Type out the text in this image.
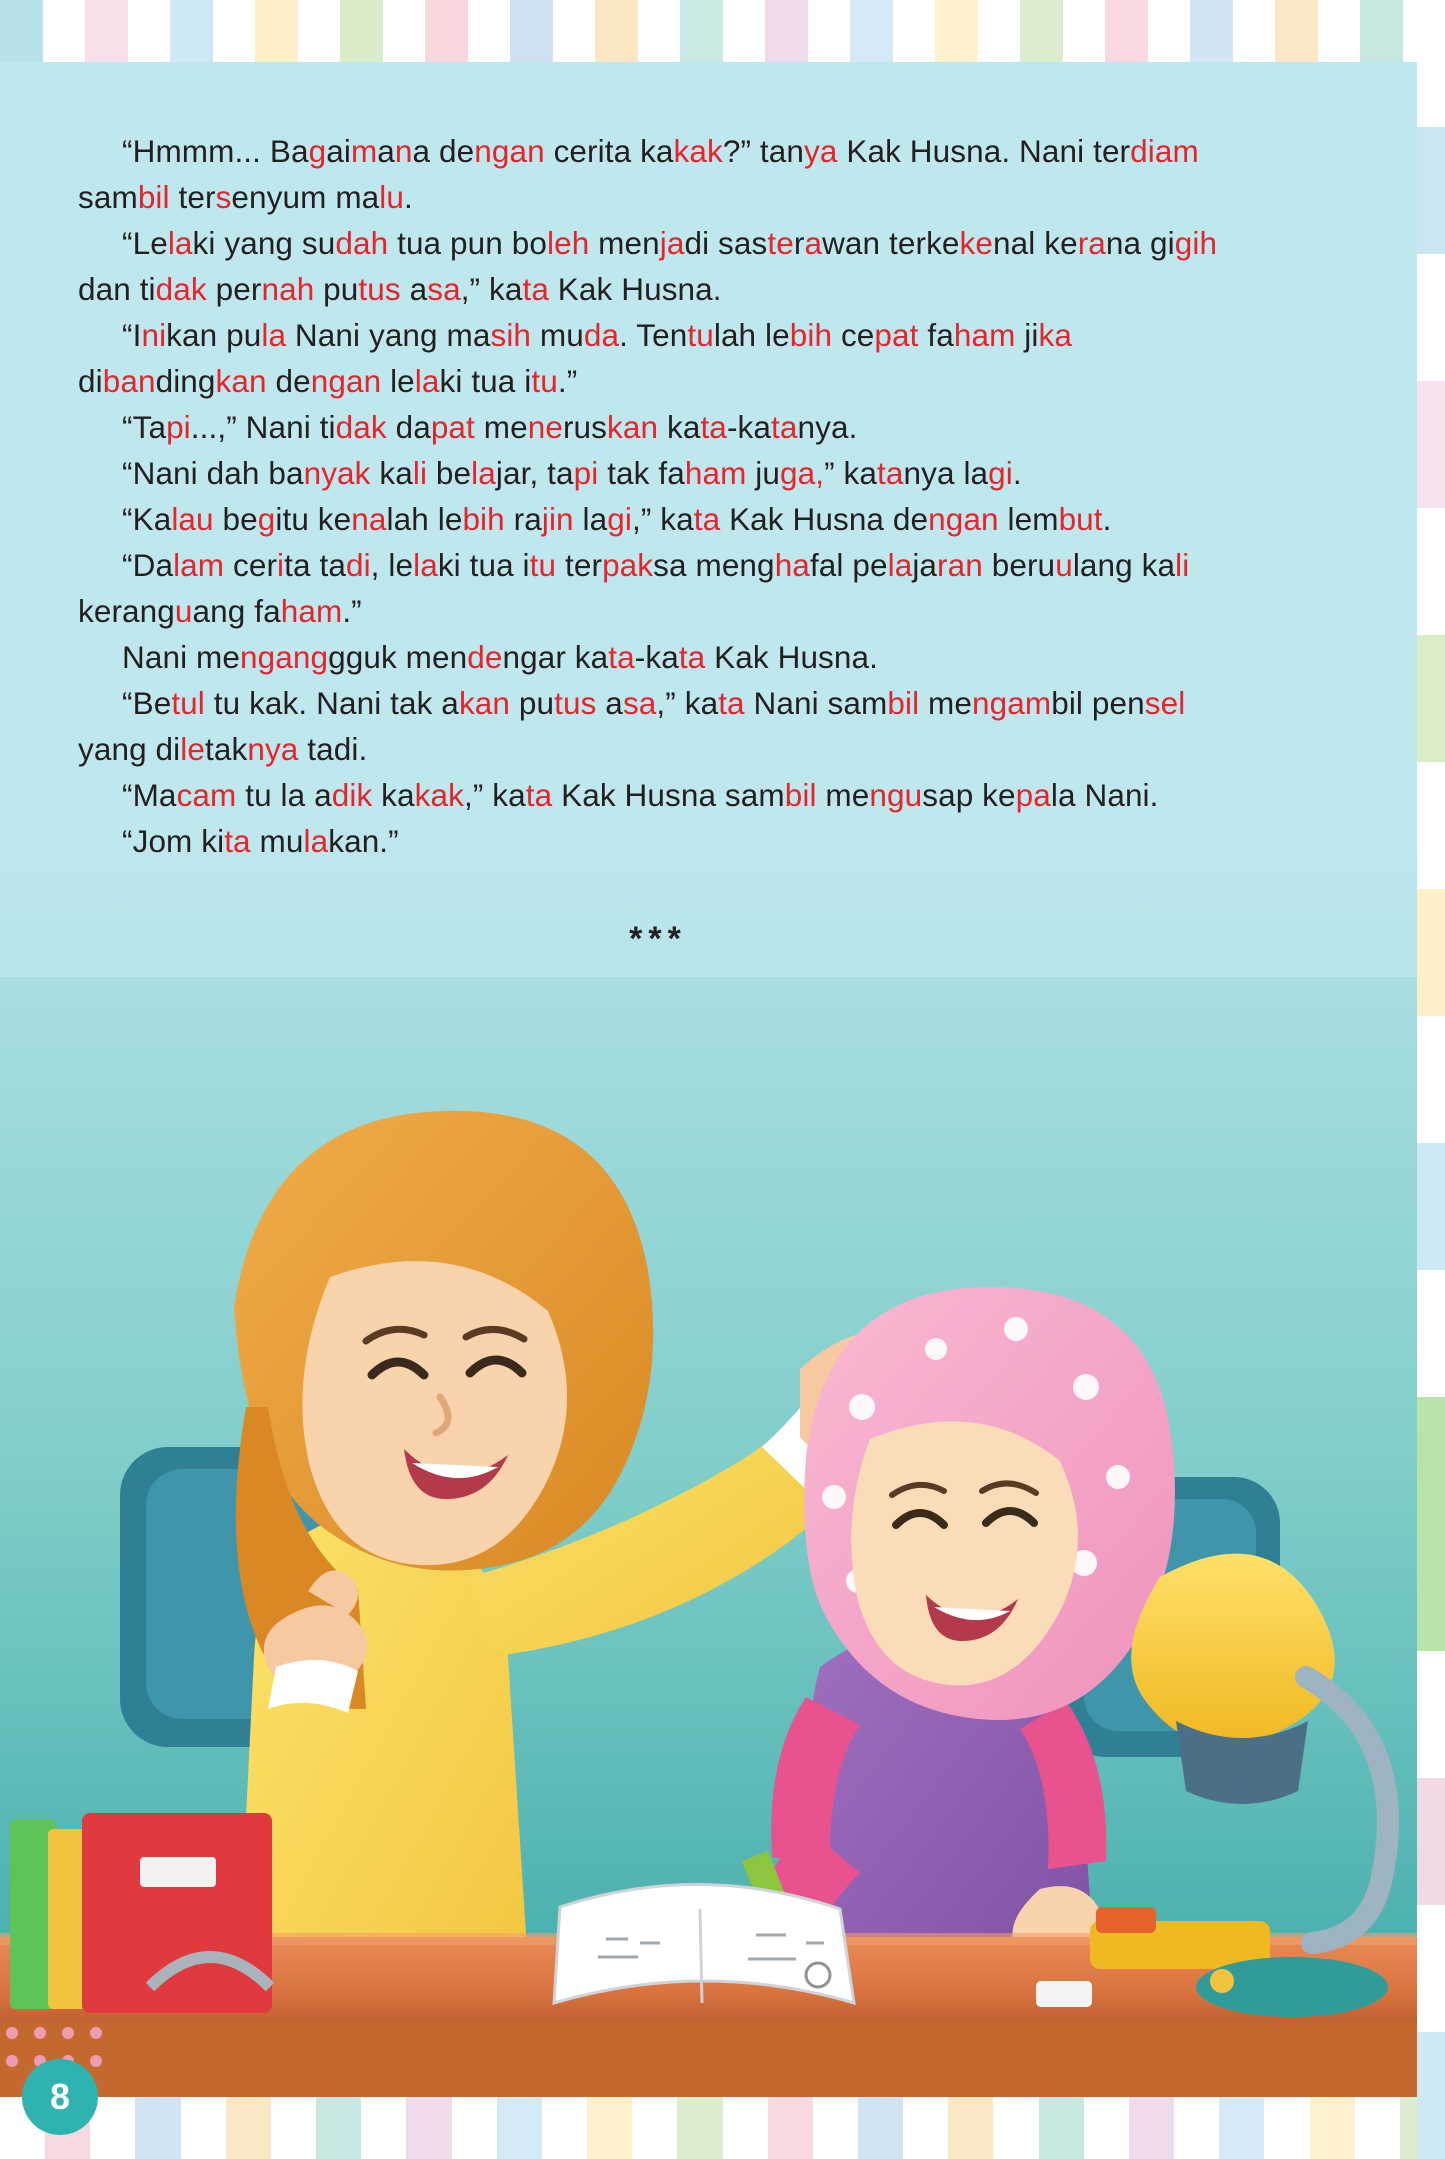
“Hmmm... Bagaimana dengan cerita kakak?” tanya Kak Husna. Nani terdiam sambil tersenyum malu.

“Lelaki yang sudah tua pun boleh menjadi sasterawan terkekenal kerana gigih dan tidak pernah putus asa,” kata Kak Husna.

“Inikan pula Nani yang masih muda. Tentulah lebih cepat faham jika dibandingkan dengan lelaki tua itu.”

“Tapi...,” Nani tidak dapat meneruskan kata-katanya.

“Nani dah banyak kali belajar, tapi tak faham juga,” katanya lagi.

“Kalau begitu kenalah lebih rajin lagi,” kata Kak Husna dengan lembut.

“Dalam cerita tadi, lelaki tua itu terpaksa menghafal pelajaran beruulang kali keranguang faham.”

Nani menganggguk mendengar kata-kata Kak Husna.

“Betul tu kak. Nani tak akan putus asa,” kata Nani sambil mengambil pensel yang diletaknya tadi.

“Macam tu la adik kakak,” kata Kak Husna sambil mengusap kepala Nani.

“Jom kita mulakan.”

***
8
